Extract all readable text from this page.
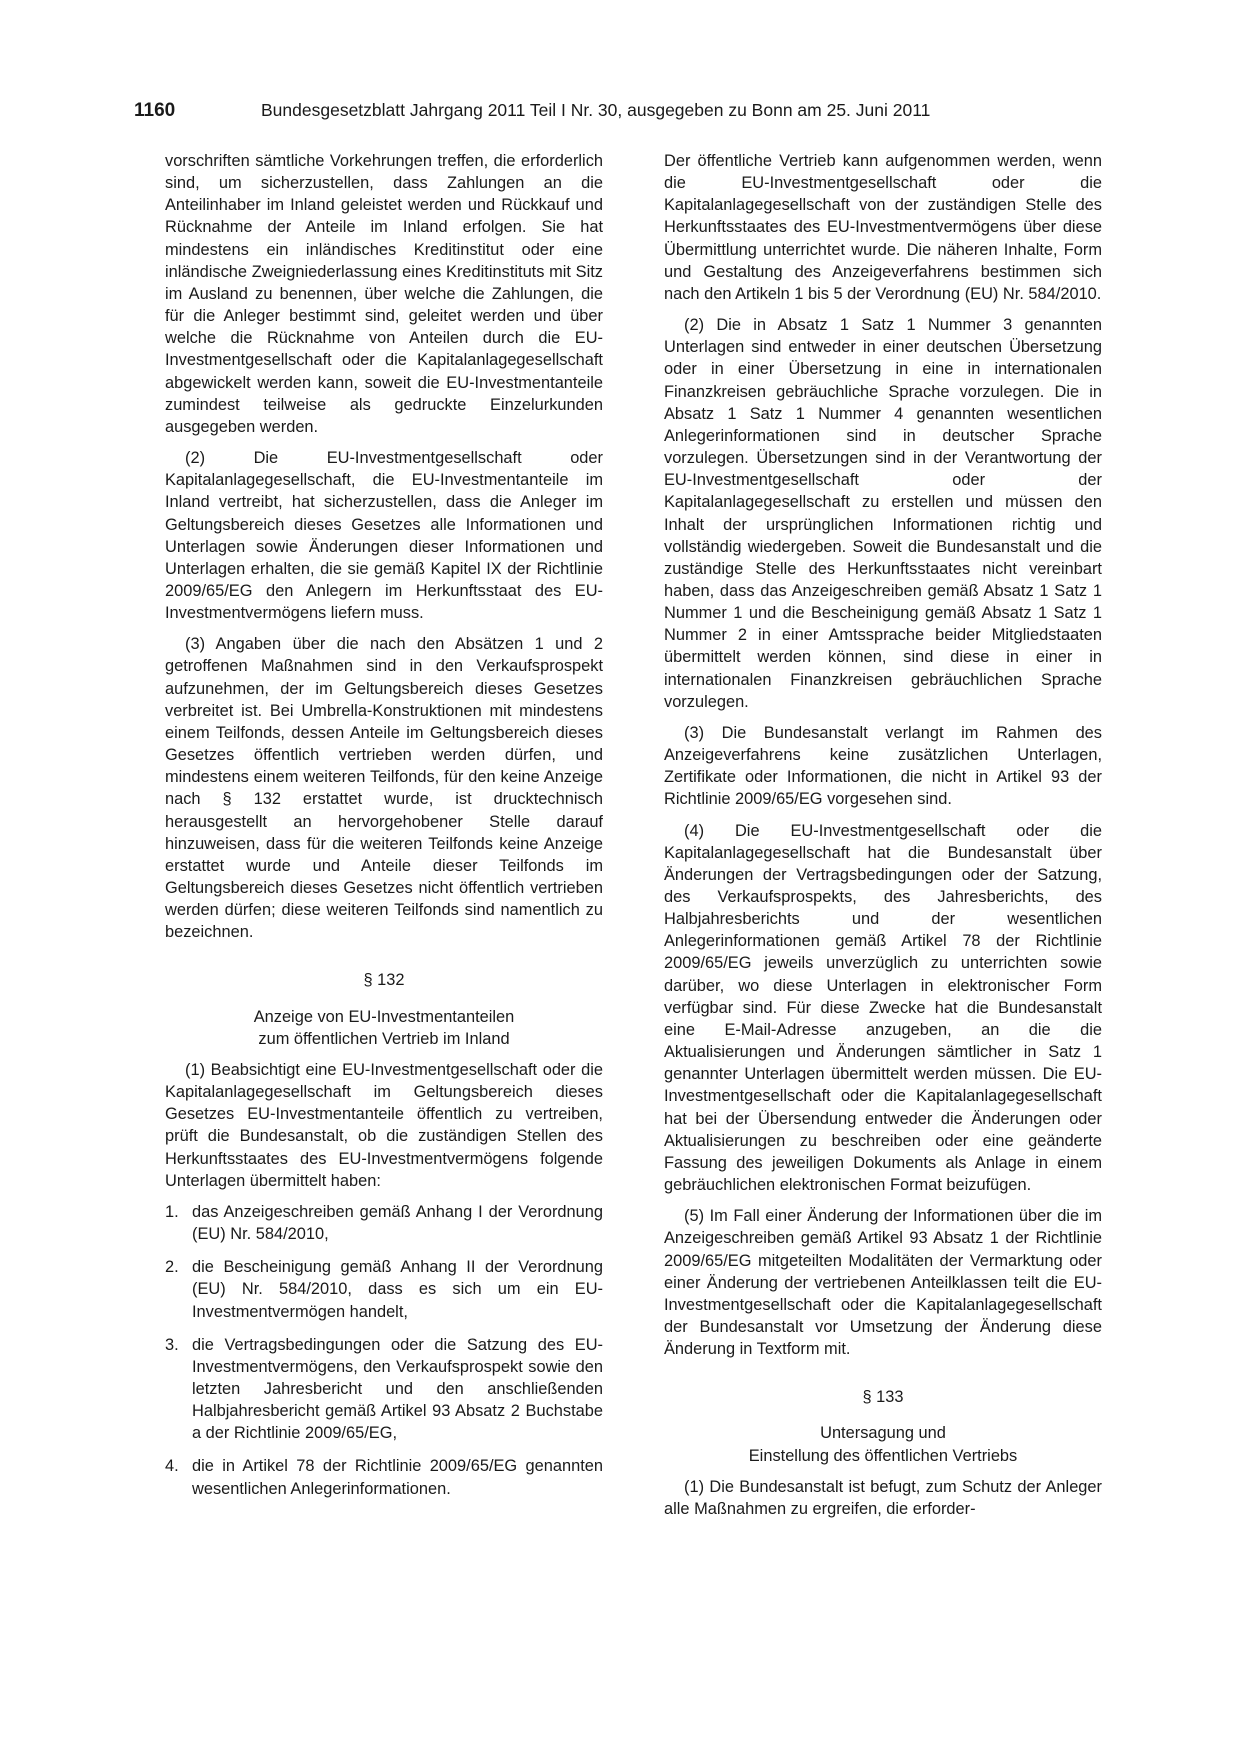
1160	Bundesgesetzblatt Jahrgang 2011 Teil I Nr. 30, ausgegeben zu Bonn am 25. Juni 2011

vorschriften sämtliche Vorkehrungen treffen, die erforderlich sind, um sicherzustellen, dass Zahlungen an die Anteilinhaber im Inland geleistet werden und Rückkauf und Rücknahme der Anteile im Inland erfolgen. Sie hat mindestens ein inländisches Kreditinstitut oder eine inländische Zweigniederlassung eines Kreditinstituts mit Sitz im Ausland zu benennen, über welche die Zahlungen, die für die Anleger bestimmt sind, geleitet werden und über welche die Rücknahme von Anteilen durch die EU-Investmentgesellschaft oder die Kapitalanlagegesellschaft abgewickelt werden kann, soweit die EU-Investmentanteile zumindest teilweise als gedruckte Einzelurkunden ausgegeben werden.

(2) Die EU-Investmentgesellschaft oder Kapitalanlagegesellschaft, die EU-Investmentanteile im Inland vertreibt, hat sicherzustellen, dass die Anleger im Geltungsbereich dieses Gesetzes alle Informationen und Unterlagen sowie Änderungen dieser Informationen und Unterlagen erhalten, die sie gemäß Kapitel IX der Richtlinie 2009/65/EG den Anlegern im Herkunftsstaat des EU-Investmentvermögens liefern muss.

(3) Angaben über die nach den Absätzen 1 und 2 getroffenen Maßnahmen sind in den Verkaufsprospekt aufzunehmen, der im Geltungsbereich dieses Gesetzes verbreitet ist. Bei Umbrella-Konstruktionen mit mindestens einem Teilfonds, dessen Anteile im Geltungsbereich dieses Gesetzes öffentlich vertrieben werden dürfen, und mindestens einem weiteren Teilfonds, für den keine Anzeige nach § 132 erstattet wurde, ist drucktechnisch herausgestellt an hervorgehobener Stelle darauf hinzuweisen, dass für die weiteren Teilfonds keine Anzeige erstattet wurde und Anteile dieser Teilfonds im Geltungsbereich dieses Gesetzes nicht öffentlich vertrieben werden dürfen; diese weiteren Teilfonds sind namentlich zu bezeichnen.

§ 132
Anzeige von EU-Investmentanteilen
zum öffentlichen Vertrieb im Inland

(1) Beabsichtigt eine EU-Investmentgesellschaft oder die Kapitalanlagegesellschaft im Geltungsbereich dieses Gesetzes EU-Investmentanteile öffentlich zu vertreiben, prüft die Bundesanstalt, ob die zuständigen Stellen des Herkunftsstaates des EU-Investmentvermögens folgende Unterlagen übermittelt haben:

1. das Anzeigeschreiben gemäß Anhang I der Verordnung (EU) Nr. 584/2010,
2. die Bescheinigung gemäß Anhang II der Verordnung (EU) Nr. 584/2010, dass es sich um ein EU-Investmentvermögen handelt,
3. die Vertragsbedingungen oder die Satzung des EU-Investmentvermögens, den Verkaufsprospekt sowie den letzten Jahresbericht und den anschließenden Halbjahresbericht gemäß Artikel 93 Absatz 2 Buchstabe a der Richtlinie 2009/65/EG,
4. die in Artikel 78 der Richtlinie 2009/65/EG genannten wesentlichen Anlegerinformationen.

Der öffentliche Vertrieb kann aufgenommen werden, wenn die EU-Investmentgesellschaft oder die Kapitalanlagegesellschaft von der zuständigen Stelle des Herkunftsstaates des EU-Investmentvermögens über diese Übermittlung unterrichtet wurde. Die näheren Inhalte, Form und Gestaltung des Anzeigeverfahrens bestimmen sich nach den Artikeln 1 bis 5 der Verordnung (EU) Nr. 584/2010.

(2) Die in Absatz 1 Satz 1 Nummer 3 genannten Unterlagen sind entweder in einer deutschen Übersetzung oder in einer Übersetzung in eine in internationalen Finanzkreisen gebräuchliche Sprache vorzulegen. Die in Absatz 1 Satz 1 Nummer 4 genannten wesentlichen Anlegerinformationen sind in deutscher Sprache vorzulegen. Übersetzungen sind in der Verantwortung der EU-Investmentgesellschaft oder der Kapitalanlagegesellschaft zu erstellen und müssen den Inhalt der ursprünglichen Informationen richtig und vollständig wiedergeben. Soweit die Bundesanstalt und die zuständige Stelle des Herkunftsstaates nicht vereinbart haben, dass das Anzeigeschreiben gemäß Absatz 1 Satz 1 Nummer 1 und die Bescheinigung gemäß Absatz 1 Satz 1 Nummer 2 in einer Amtssprache beider Mitgliedstaaten übermittelt werden können, sind diese in einer in internationalen Finanzkreisen gebräuchlichen Sprache vorzulegen.

(3) Die Bundesanstalt verlangt im Rahmen des Anzeigeverfahrens keine zusätzlichen Unterlagen, Zertifikate oder Informationen, die nicht in Artikel 93 der Richtlinie 2009/65/EG vorgesehen sind.

(4) Die EU-Investmentgesellschaft oder die Kapitalanlagegesellschaft hat die Bundesanstalt über Änderungen der Vertragsbedingungen oder der Satzung, des Verkaufsprospekts, des Jahresberichts, des Halbjahresberichts und der wesentlichen Anlegerinformationen gemäß Artikel 78 der Richtlinie 2009/65/EG jeweils unverzüglich zu unterrichten sowie darüber, wo diese Unterlagen in elektronischer Form verfügbar sind. Für diese Zwecke hat die Bundesanstalt eine E-Mail-Adresse anzugeben, an die die Aktualisierungen und Änderungen sämtlicher in Satz 1 genannter Unterlagen übermittelt werden müssen. Die EU-Investmentgesellschaft oder die Kapitalanlagegesellschaft hat bei der Übersendung entweder die Änderungen oder Aktualisierungen zu beschreiben oder eine geänderte Fassung des jeweiligen Dokuments als Anlage in einem gebräuchlichen elektronischen Format beizufügen.

(5) Im Fall einer Änderung der Informationen über die im Anzeigeschreiben gemäß Artikel 93 Absatz 1 der Richtlinie 2009/65/EG mitgeteilten Modalitäten der Vermarktung oder einer Änderung der vertriebenen Anteilklassen teilt die EU-Investmentgesellschaft oder die Kapitalanlagegesellschaft der Bundesanstalt vor Umsetzung der Änderung diese Änderung in Textform mit.

§ 133
Untersagung und
Einstellung des öffentlichen Vertriebs

(1) Die Bundesanstalt ist befugt, zum Schutz der Anleger alle Maßnahmen zu ergreifen, die erforder-
